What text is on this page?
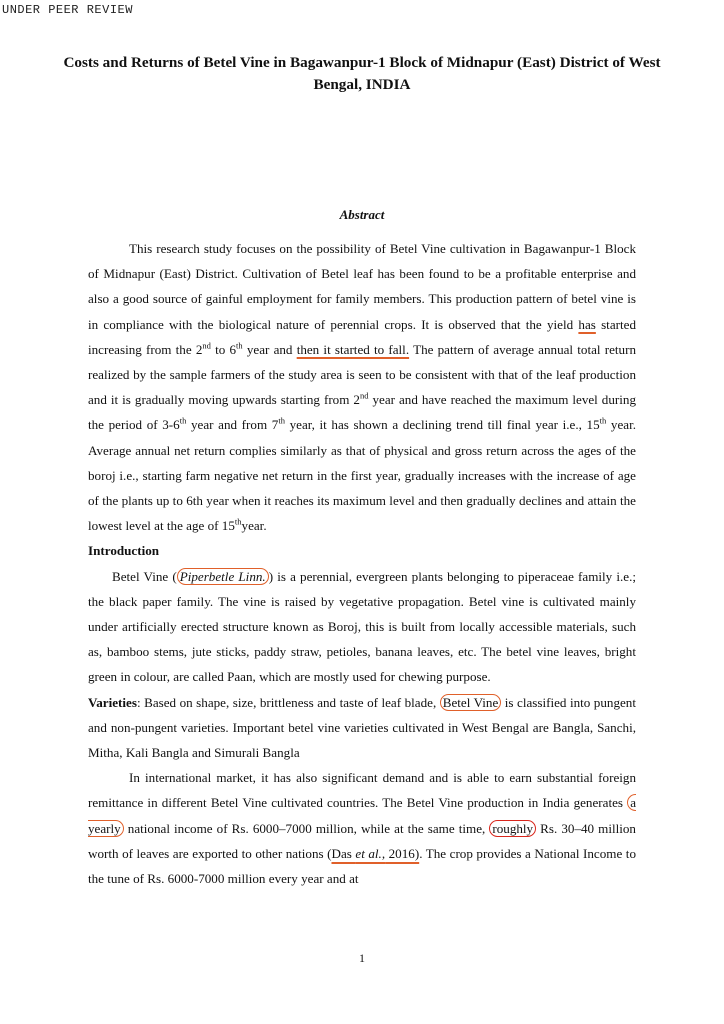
UNDER PEER REVIEW
Costs and Returns of Betel Vine in Bagawanpur-1 Block of Midnapur (East) District of West Bengal, INDIA
Abstract

This research study focuses on the possibility of Betel Vine cultivation in Bagawanpur-1 Block of Midnapur (East) District. Cultivation of Betel leaf has been found to be a profitable enterprise and also a good source of gainful employment for family members. This production pattern of betel vine is in compliance with the biological nature of perennial crops. It is observed that the yield has started increasing from the 2nd to 6th year and then it started to fall. The pattern of average annual total return realized by the sample farmers of the study area is seen to be consistent with that of the leaf production and it is gradually moving upwards starting from 2nd year and have reached the maximum level during the period of 3-6th year and from 7th year, it has shown a declining trend till final year i.e., 15th year. Average annual net return complies similarly as that of physical and gross return across the ages of the boroj i.e., starting farm negative net return in the first year, gradually increases with the increase of age of the plants up to 6th year when it reaches its maximum level and then gradually declines and attain the lowest level at the age of 15thyear.

Introduction

Betel Vine ( Piperbetle Linn. ) is a perennial, evergreen plants belonging to piperaceae family i.e.; the black paper family. The vine is raised by vegetative propagation. Betel vine is cultivated mainly under artificially erected structure known as Boroj, this is built from locally accessible materials, such as, bamboo stems, jute sticks, paddy straw, petioles, banana leaves, etc. The betel vine leaves, bright green in colour, are called Paan, which are mostly used for chewing purpose.

Varieties: Based on shape, size, brittleness and taste of leaf blade, Betel Vine is classified into pungent and non-pungent varieties. Important betel vine varieties cultivated in West Bengal are Bangla, Sanchi, Mitha, Kali Bangla and Simurali Bangla

In international market, it has also significant demand and is able to earn substantial foreign remittance in different Betel Vine cultivated countries. The Betel Vine production in India generates a yearly national income of Rs. 6000–7000 million, while at the same time, roughly Rs. 30–40 million worth of leaves are exported to other nations (Das et al., 2016). The crop provides a National Income to the tune of Rs. 6000-7000 million every year and at

1
